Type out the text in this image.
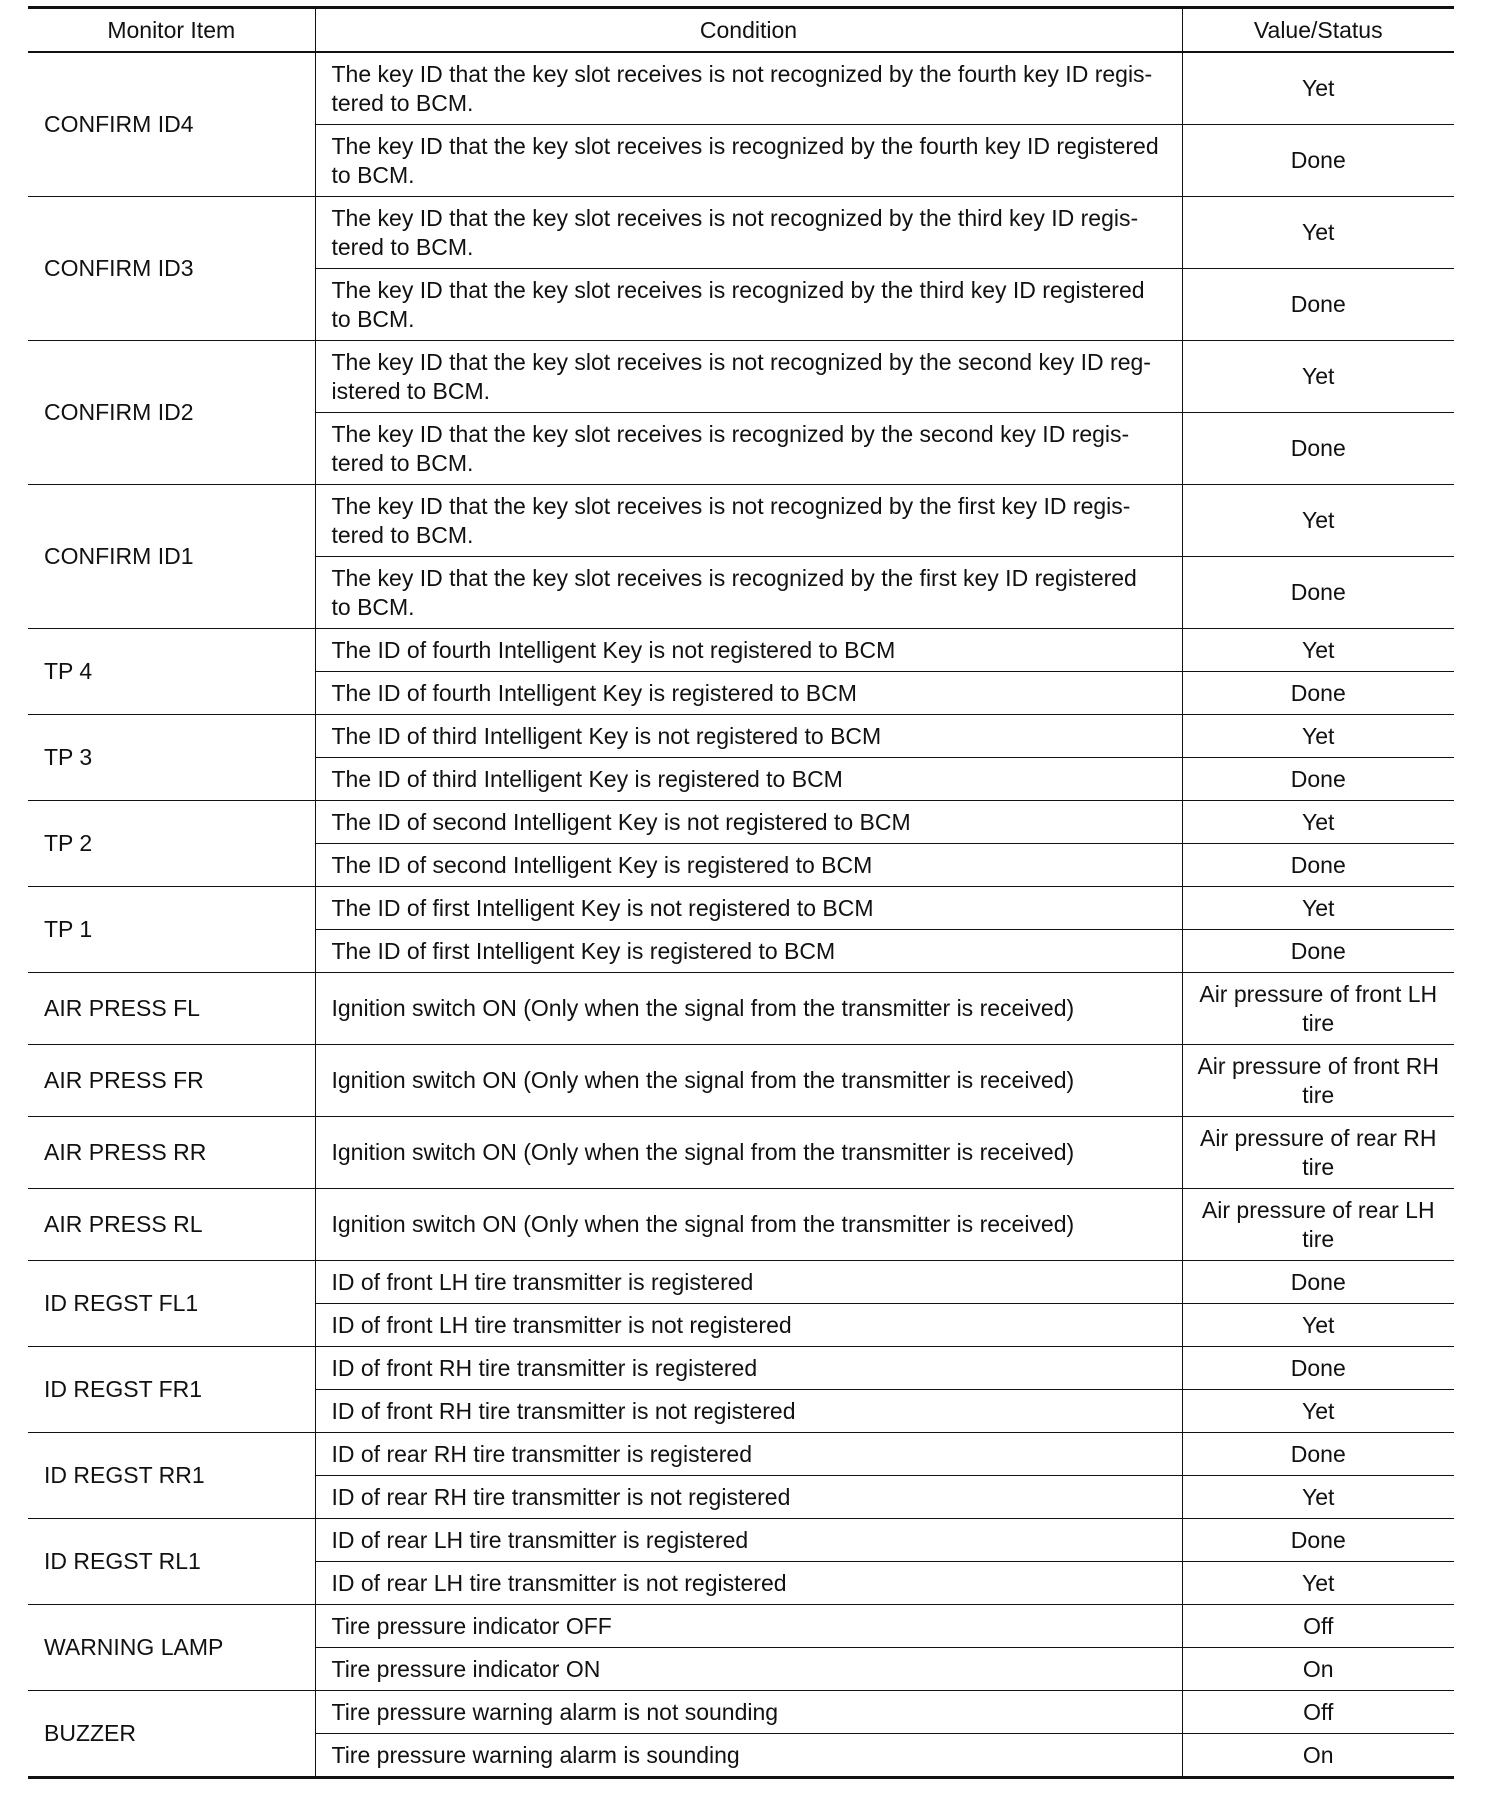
Monitor Item	Condition	Value/Status
CONFIRM ID4	The key ID that the key slot receives is not recognized by the fourth key ID regis-
tered to BCM.	Yet
	The key ID that the key slot receives is recognized by the fourth key ID registered
to BCM.	Done
CONFIRM ID3	The key ID that the key slot receives is not recognized by the third key ID regis-
tered to BCM.	Yet
	The key ID that the key slot receives is recognized by the third key ID registered
to BCM.	Done
CONFIRM ID2	The key ID that the key slot receives is not recognized by the second key ID reg-
istered to BCM.	Yet
	The key ID that the key slot receives is recognized by the second key ID regis-
tered to BCM.	Done
CONFIRM ID1	The key ID that the key slot receives is not recognized by the first key ID regis-
tered to BCM.	Yet
	The key ID that the key slot receives is recognized by the first key ID registered
to BCM.	Done
TP 4	The ID of fourth Intelligent Key is not registered to BCM	Yet
	The ID of fourth Intelligent Key is registered to BCM	Done
TP 3	The ID of third Intelligent Key is not registered to BCM	Yet
	The ID of third Intelligent Key is registered to BCM	Done
TP 2	The ID of second Intelligent Key is not registered to BCM	Yet
	The ID of second Intelligent Key is registered to BCM	Done
TP 1	The ID of first Intelligent Key is not registered to BCM	Yet
	The ID of first Intelligent Key is registered to BCM	Done
AIR PRESS FL	Ignition switch ON (Only when the signal from the transmitter is received)	Air pressure of front LH
tire
AIR PRESS FR	Ignition switch ON (Only when the signal from the transmitter is received)	Air pressure of front RH
tire
AIR PRESS RR	Ignition switch ON (Only when the signal from the transmitter is received)	Air pressure of rear RH
tire
AIR PRESS RL	Ignition switch ON (Only when the signal from the transmitter is received)	Air pressure of rear LH
tire
ID REGST FL1	ID of front LH tire transmitter is registered	Done
	ID of front LH tire transmitter is not registered	Yet
ID REGST FR1	ID of front RH tire transmitter is registered	Done
	ID of front RH tire transmitter is not registered	Yet
ID REGST RR1	ID of rear RH tire transmitter is registered	Done
	ID of rear RH tire transmitter is not registered	Yet
ID REGST RL1	ID of rear LH tire transmitter is registered	Done
	ID of rear LH tire transmitter is not registered	Yet
WARNING LAMP	Tire pressure indicator OFF	Off
	Tire pressure indicator ON	On
BUZZER	Tire pressure warning alarm is not sounding	Off
	Tire pressure warning alarm is sounding	On
